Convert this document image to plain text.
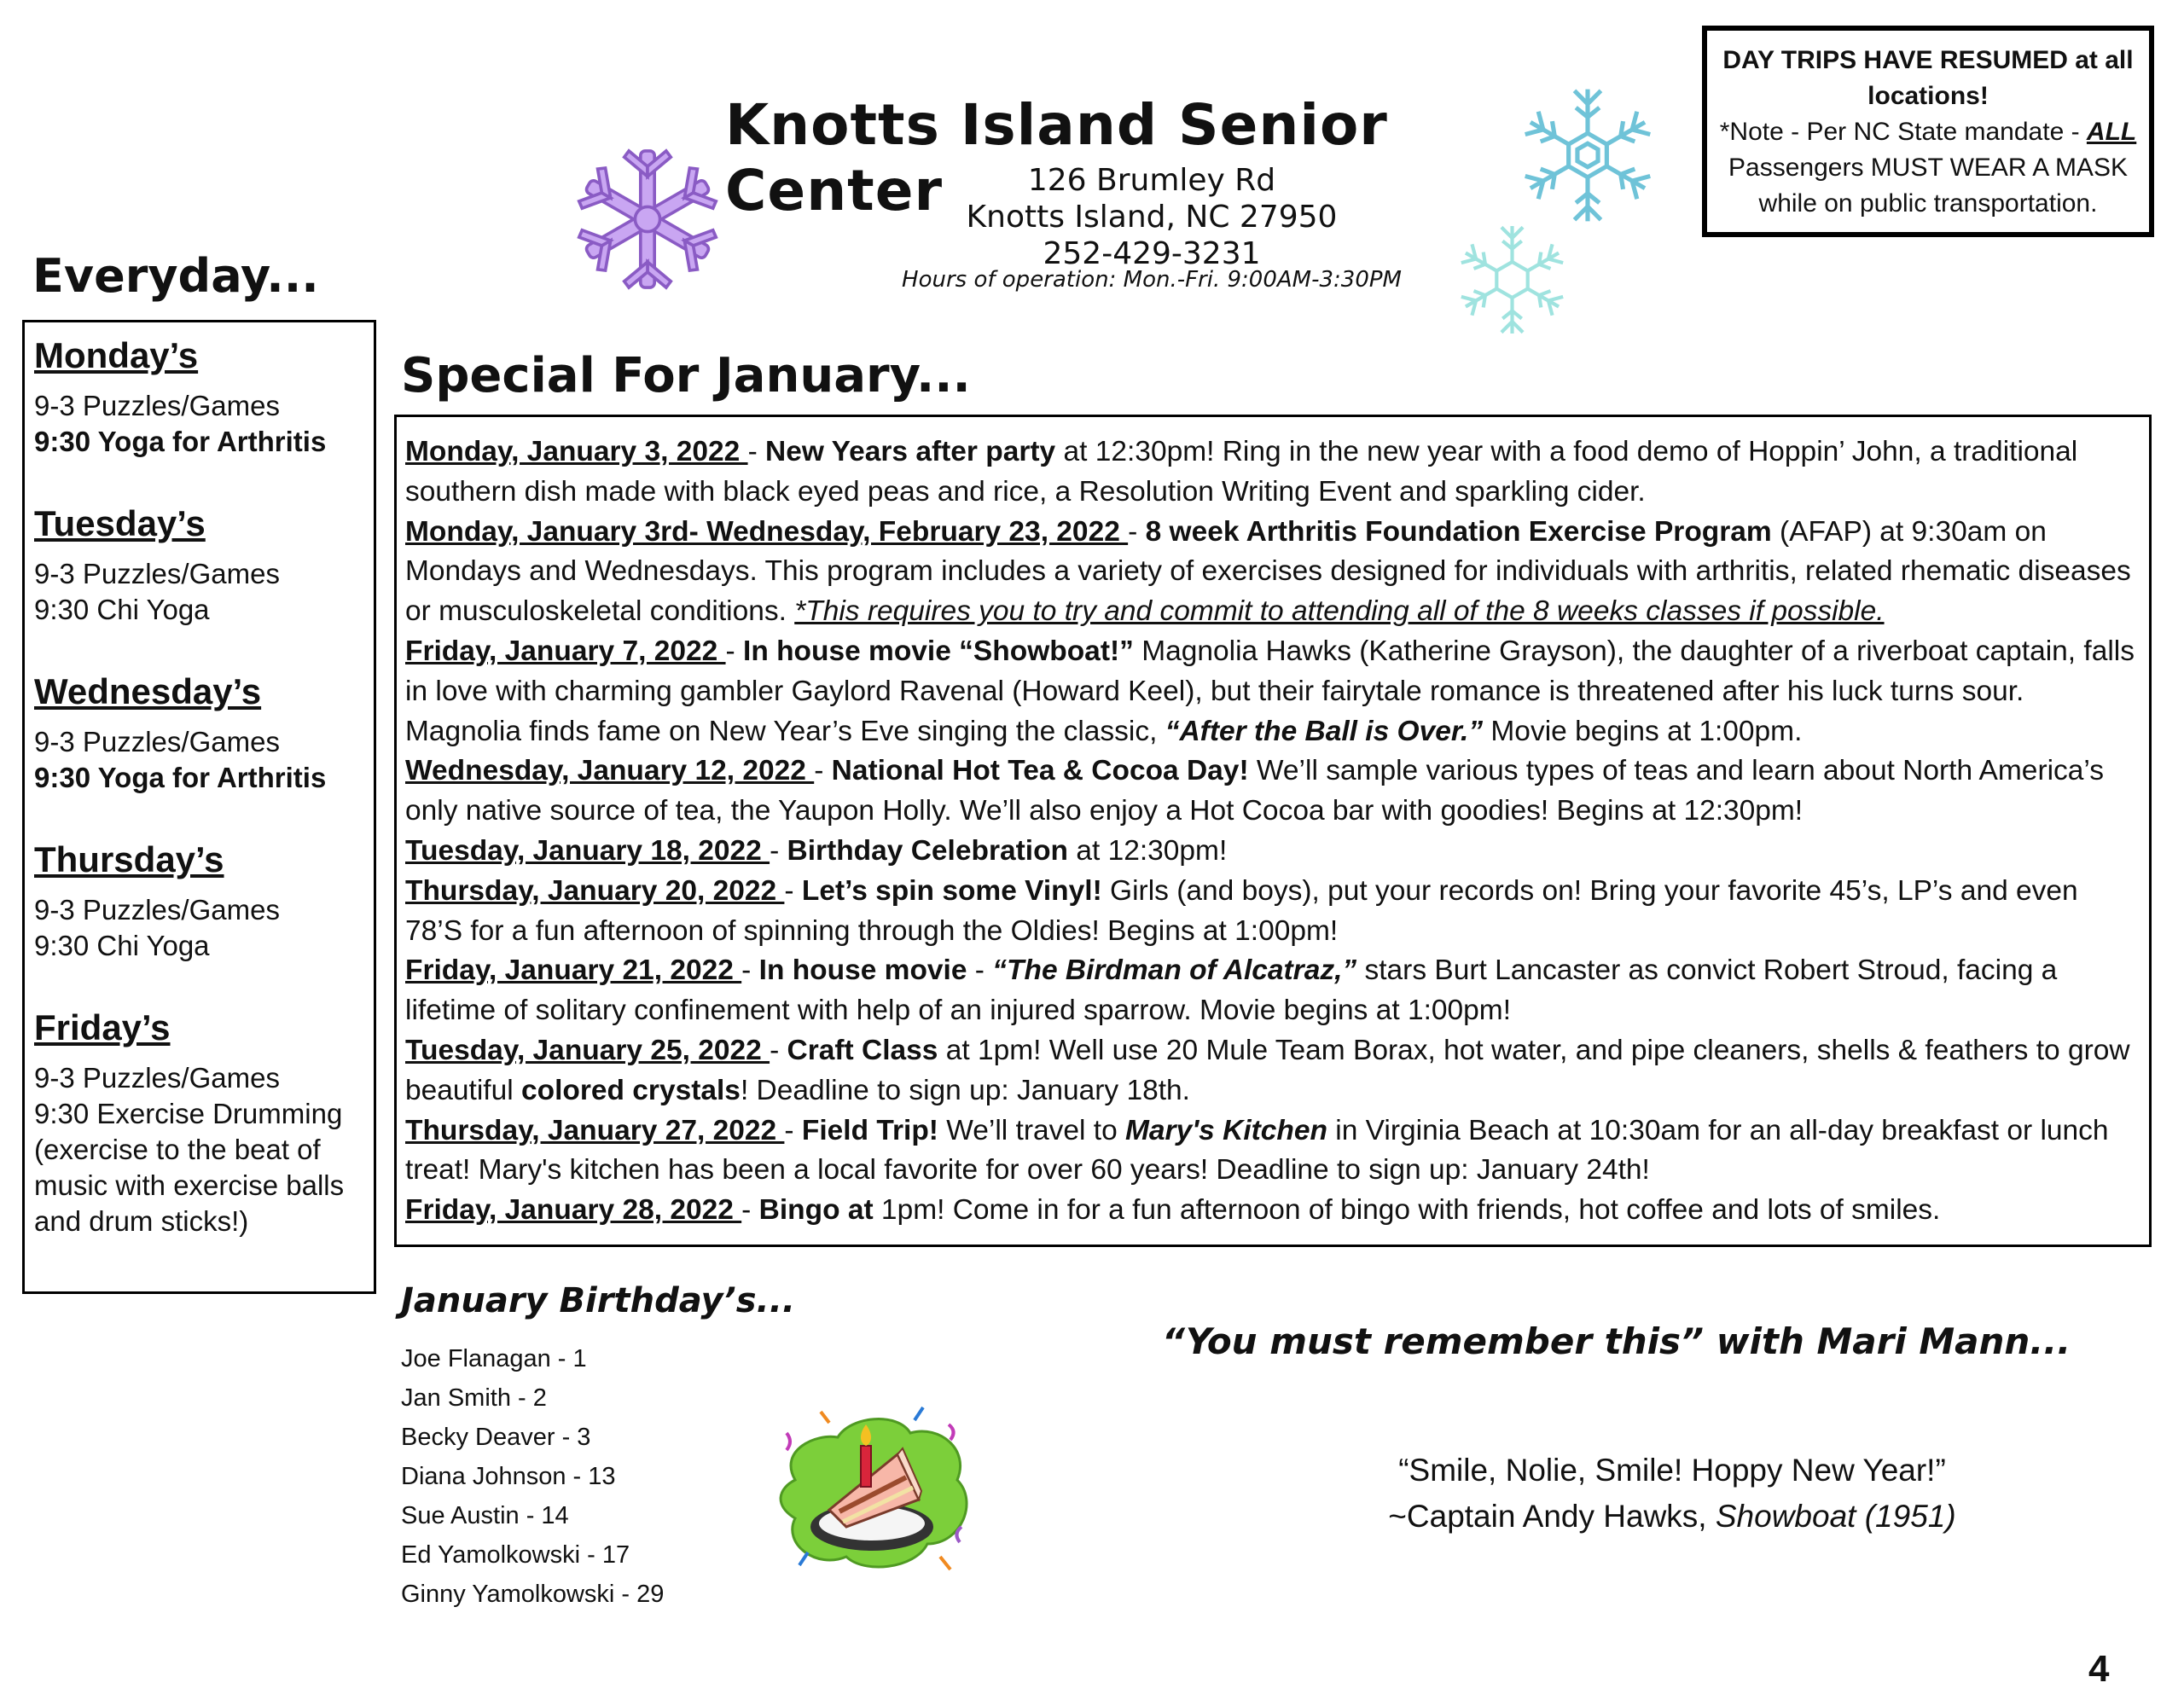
Knotts Island Senior Center	126 Brumley Rd
Knotts Island, NC 27950
252-429-3231
Hours of operation: Mon.-Fri. 9:00AM-3:30PM
DAY TRIPS HAVE RESUMED at all locations!
*Note - Per NC State mandate - ALL
Passengers MUST WEAR A MASK while on public transportation.
Everyday...
Monday’s
9-3 Puzzles/Games
9:30 Yoga for Arthritis
Tuesday’s
9-3 Puzzles/Games
9:30 Chi Yoga
Wednesday’s
9-3 Puzzles/Games
9:30 Yoga for Arthritis
Thursday’s
9-3 Puzzles/Games
9:30 Chi Yoga
Friday’s
9-3 Puzzles/Games
9:30 Exercise Drumming
(exercise to the beat of
music with exercise balls
and drum sticks!)
Special For January...

Monday, January 3, 2022 - New Years after party at 12:30pm! Ring in the new year with a food demo of Hoppin’ John, a traditional southern dish made with black eyed peas and rice, a Resolution Writing Event and sparkling cider.

Monday, January 3rd- Wednesday, February 23, 2022 - 8 week Arthritis Foundation Exercise Program (AFAP) at 9:30am on Mondays and Wednesdays. This program includes a variety of exercises designed for individuals with arthritis, related rhematic diseases or musculoskeletal conditions. *This requires you to try and commit to attending all of the 8 weeks classes if possible.

Friday, January 7, 2022 - In house movie “Showboat!” Magnolia Hawks (Katherine Grayson), the daughter of a riverboat captain, falls in love with charming gambler Gaylord Ravenal (Howard Keel), but their fairytale romance is threatened after his luck turns sour. Magnolia finds fame on New Year’s Eve singing the classic, “After the Ball is Over.” Movie begins at 1:00pm.

Wednesday, January 12, 2022 - National Hot Tea & Cocoa Day! We’ll sample various types of teas and learn about North America’s only native source of tea, the Yaupon Holly. We’ll also enjoy a Hot Cocoa bar with goodies! Begins at 12:30pm!

Tuesday, January 18, 2022 - Birthday Celebration at 12:30pm!

Thursday, January 20, 2022 - Let’s spin some Vinyl! Girls (and boys), put your records on! Bring your favorite 45’s, LP’s and even 78’S for a fun afternoon of spinning through the Oldies! Begins at 1:00pm!

Friday, January 21, 2022 - In house movie - “The Birdman of Alcatraz,” stars Burt Lancaster as convict Robert Stroud, facing a lifetime of solitary confinement with help of an injured sparrow. Movie begins at 1:00pm!

Tuesday, January 25, 2022 - Craft Class at 1pm! Well use 20 Mule Team Borax, hot water, and pipe cleaners, shells & feathers to grow beautiful colored crystals! Deadline to sign up: January 18th.

Thursday, January 27, 2022 - Field Trip! We’ll travel to Mary's Kitchen in Virginia Beach at 10:30am for an all-day breakfast or lunch treat! Mary's kitchen has been a local favorite for over 60 years! Deadline to sign up: January 24th!

Friday, January 28, 2022 - Bingo at 1pm! Come in for a fun afternoon of bingo with friends, hot coffee and lots of smiles.

January Birthday’s...
Joe Flanagan - 1
Jan Smith - 2
Becky Deaver - 3
Diana Johnson - 13
Sue Austin - 14
Ed Yamolkowski - 17
Ginny Yamolkowski - 29
“You must remember this” with Mari Mann...
“Smile, Nolie, Smile! Hoppy New Year!”
~Captain Andy Hawks, Showboat (1951)
4
